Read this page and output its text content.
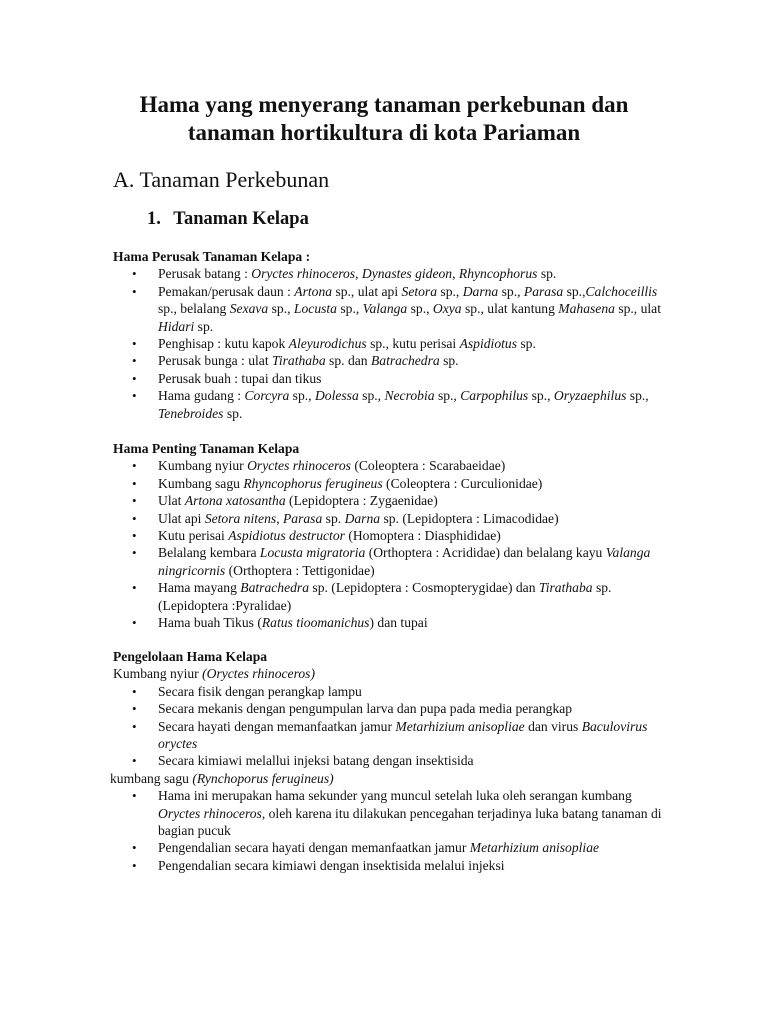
Hama yang menyerang tanaman perkebunan dan
tanaman hortikultura di kota Pariaman
A. Tanaman Perkebunan
1. Tanaman Kelapa

Hama Perusak Tanaman Kelapa :

• Perusak batang : Oryctes rhinoceros, Dynastes gideon, Rhyncophorus sp.
• Pemakan/perusak daun : Artona sp., ulat api Setora sp., Darna sp., Parasa sp.,Calchoceillis sp., belalang Sexava sp., Locusta sp., Valanga sp., Oxya sp., ulat kantung Mahasena sp., ulat Hidari sp.
• Penghisap : kutu kapok Aleyurodichus sp., kutu perisai Aspidiotus sp.
• Perusak bunga : ulat Tirathaba sp. dan Batrachedra sp.
• Perusak buah : tupai dan tikus
• Hama gudang : Corcyra sp., Dolessa sp., Necrobia sp., Carpophilus sp., Oryzaephilus sp., Tenebroides sp.

Hama Penting Tanaman Kelapa

• Kumbang nyiur Oryctes rhinoceros (Coleoptera : Scarabaeidae)
• Kumbang sagu Rhyncophorus ferugineus (Coleoptera : Curculionidae)
• Ulat Artona xatosantha (Lepidoptera : Zygaenidae)
• Ulat api Setora nitens, Parasa sp. Darna sp. (Lepidoptera : Limacodidae)
• Kutu perisai Aspidiotus destructor (Homoptera : Diasphididae)
• Belalang kembara Locusta migratoria (Orthoptera : Acrididae) dan belalang kayu Valanga ningricornis (Orthoptera : Tettigonidae)
• Hama mayang Batrachedra sp. (Lepidoptera : Cosmopterygidae) dan Tirathaba sp. (Lepidoptera :Pyralidae)
• Hama buah Tikus (Ratus tioomanichus) dan tupai

Pengelolaan Hama Kelapa

Kumbang nyiur (Oryctes rhinoceros)

• Secara fisik dengan perangkap lampu
• Secara mekanis dengan pengumpulan larva dan pupa pada media perangkap
• Secara hayati dengan memanfaatkan jamur Metarhizium anisopliae dan virus Baculovirus oryctes
• Secara kimiawi melallui injeksi batang dengan insektisida

kumbang sagu (Rynchoporus ferugineus)

• Hama ini merupakan hama sekunder yang muncul setelah luka oleh serangan kumbang Oryctes rhinoceros, oleh karena itu dilakukan pencegahan terjadinya luka batang tanaman di bagian pucuk
• Pengendalian secara hayati dengan memanfaatkan jamur Metarhizium anisopliae
• Pengendalian secara kimiawi dengan insektisida melalui injeksi
